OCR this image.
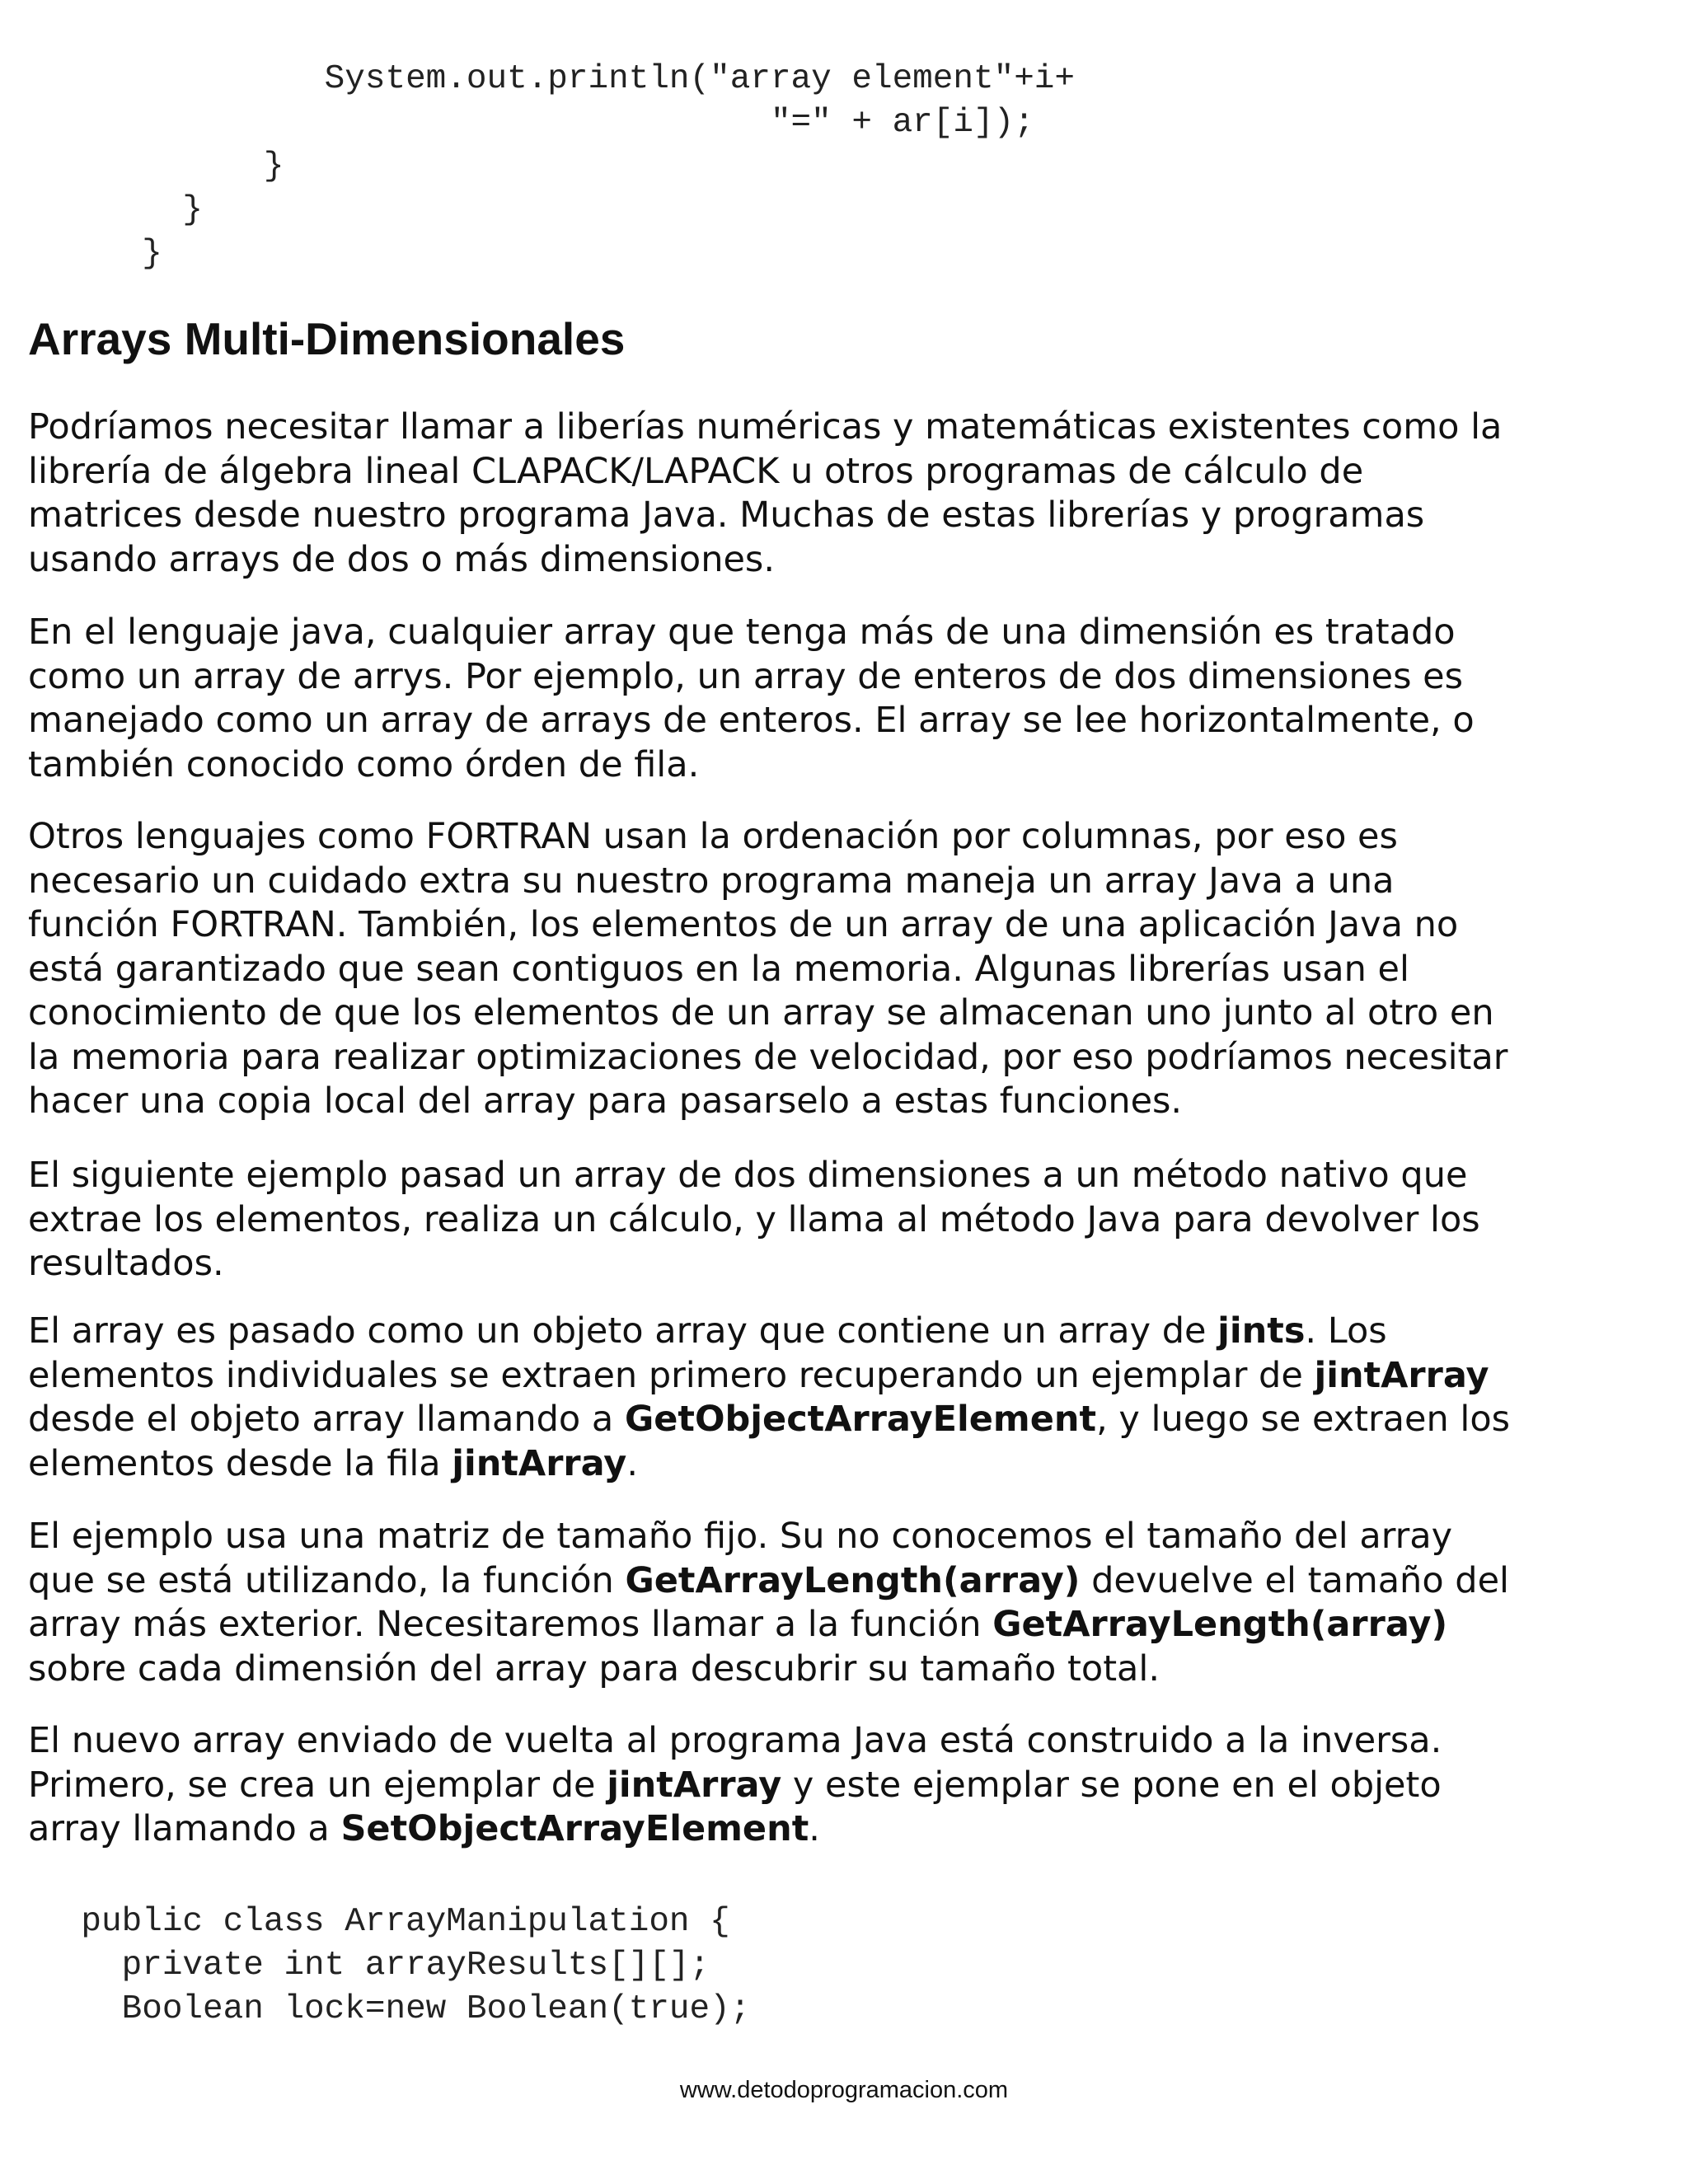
System.out.println("array element"+i+
"=" + ar[i]);
}
}
}
Arrays Multi-Dimensionales

Podríamos necesitar llamar a liberías numéricas y matemáticas existentes como la
librería de álgebra lineal CLAPACK/LAPACK u otros programas de cálculo de
matrices desde nuestro programa Java. Muchas de estas librerías y programas
usando arrays de dos o más dimensiones.

En el lenguaje java, cualquier array que tenga más de una dimensión es tratado
como un array de arrys. Por ejemplo, un array de enteros de dos dimensiones es
manejado como un array de arrays de enteros. El array se lee horizontalmente, o
también conocido como órden de fila.

Otros lenguajes como FORTRAN usan la ordenación por columnas, por eso es
necesario un cuidado extra su nuestro programa maneja un array Java a una
función FORTRAN. También, los elementos de un array de una aplicación Java no
está garantizado que sean contiguos en la memoria. Algunas librerías usan el
conocimiento de que los elementos de un array se almacenan uno junto al otro en
la memoria para realizar optimizaciones de velocidad, por eso podríamos necesitar
hacer una copia local del array para pasarselo a estas funciones.

El siguiente ejemplo pasad un array de dos dimensiones a un método nativo que
extrae los elementos, realiza un cálculo, y llama al método Java para devolver los
resultados.

El array es pasado como un objeto array que contiene un array de jints. Los
elementos individuales se extraen primero recuperando un ejemplar de jintArray
desde el objeto array llamando a GetObjectArrayElement, y luego se extraen los
elementos desde la fila jintArray.

El ejemplo usa una matriz de tamaño fijo. Su no conocemos el tamaño del array
que se está utilizando, la función GetArrayLength(array) devuelve el tamaño del
array más exterior. Necesitaremos llamar a la función GetArrayLength(array)
sobre cada dimensión del array para descubrir su tamaño total.

El nuevo array enviado de vuelta al programa Java está construido a la inversa.
Primero, se crea un ejemplar de jintArray y este ejemplar se pone en el objeto
array llamando a SetObjectArrayElement.

public class ArrayManipulation {
private int arrayResults[][];
Boolean lock=new Boolean(true);
www.detodoprogramacion.com
